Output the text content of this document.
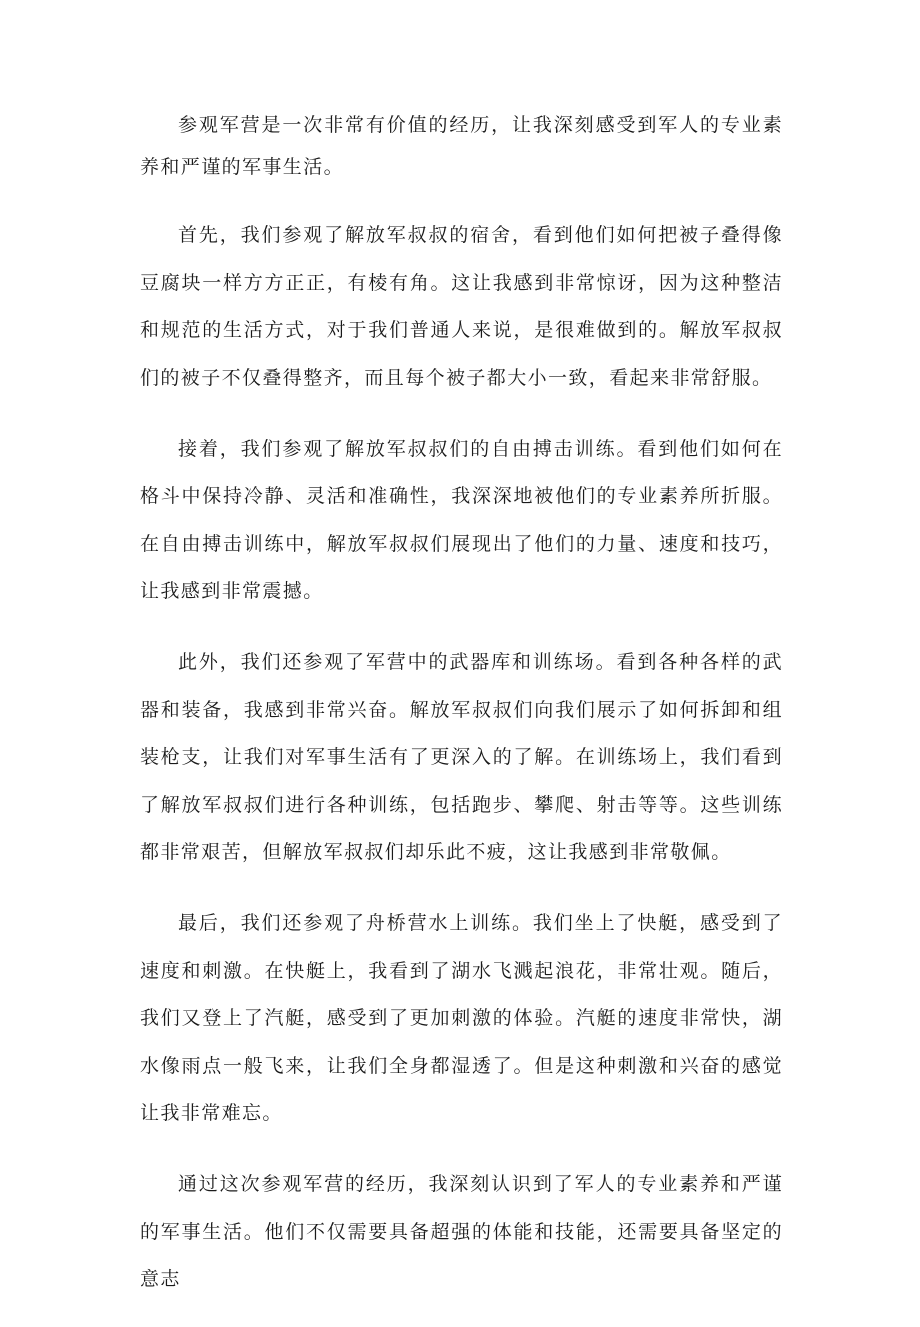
参观军营是一次非常有价值的经历，让我深刻感受到军人的专业素养和严谨的军事生活。

首先，我们参观了解放军叔叔的宿舍，看到他们如何把被子叠得像豆腐块一样方方正正，有棱有角。这让我感到非常惊讶，因为这种整洁和规范的生活方式，对于我们普通人来说，是很难做到的。解放军叔叔们的被子不仅叠得整齐，而且每个被子都大小一致，看起来非常舒服。

接着，我们参观了解放军叔叔们的自由搏击训练。看到他们如何在格斗中保持冷静、灵活和准确性，我深深地被他们的专业素养所折服。在自由搏击训练中，解放军叔叔们展现出了他们的力量、速度和技巧，让我感到非常震撼。

此外，我们还参观了军营中的武器库和训练场。看到各种各样的武器和装备，我感到非常兴奋。解放军叔叔们向我们展示了如何拆卸和组装枪支，让我们对军事生活有了更深入的了解。在训练场上，我们看到了解放军叔叔们进行各种训练，包括跑步、攀爬、射击等等。这些训练都非常艰苦，但解放军叔叔们却乐此不疲，这让我感到非常敬佩。

最后，我们还参观了舟桥营水上训练。我们坐上了快艇，感受到了速度和刺激。在快艇上，我看到了湖水飞溅起浪花，非常壮观。随后，我们又登上了汽艇，感受到了更加刺激的体验。汽艇的速度非常快，湖水像雨点一般飞来，让我们全身都湿透了。但是这种刺激和兴奋的感觉让我非常难忘。

通过这次参观军营的经历，我深刻认识到了军人的专业素养和严谨的军事生活。他们不仅需要具备超强的体能和技能，还需要具备坚定的意志
